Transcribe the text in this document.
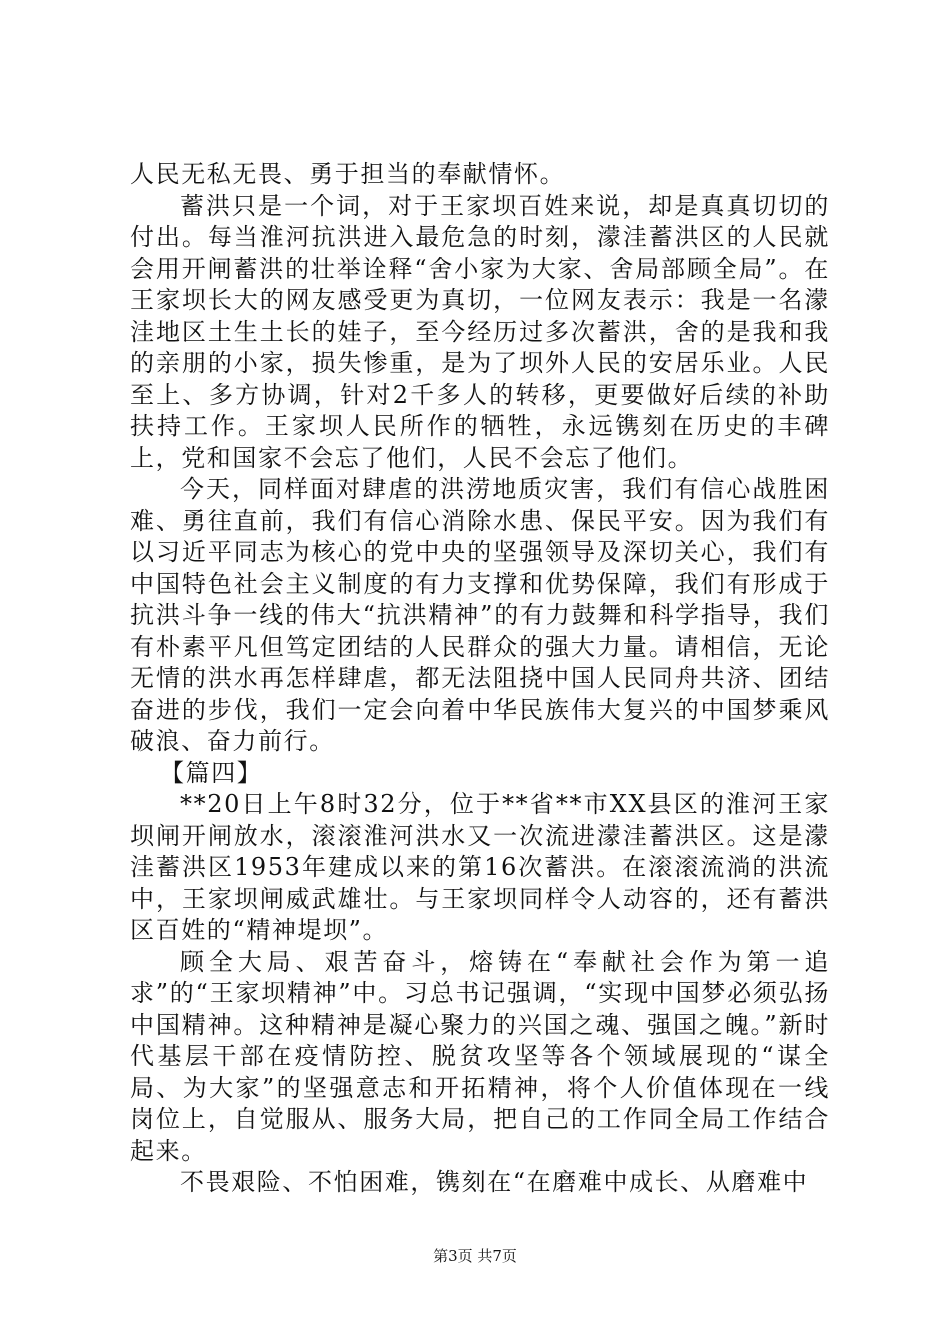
人民无私无畏、勇于担当的奉献情怀。

蓄洪只是一个词，对于王家坝百姓来说，却是真真切切的付出。每当淮河抗洪进入最危急的时刻，濛洼蓄洪区的人民就会用开闸蓄洪的壮举诠释“舍小家为大家、舍局部顾全局”。在王家坝长大的网友感受更为真切，一位网友表示：我是一名濛洼地区土生土长的娃子，至今经历过多次蓄洪，舍的是我和我的亲朋的小家，损失惨重，是为了坝外人民的安居乐业。人民至上、多方协调，针对2千多人的转移，更要做好后续的补助扶持工作。王家坝人民所作的牺牲，永远镌刻在历史的丰碑上，党和国家不会忘了他们，人民不会忘了他们。

今天，同样面对肆虐的洪涝地质灾害，我们有信心战胜困难、勇往直前，我们有信心消除水患、保民平安。因为我们有以习近平同志为核心的党中央的坚强领导及深切关心，我们有中国特色社会主义制度的有力支撑和优势保障，我们有形成于抗洪斗争一线的伟大“抗洪精神”的有力鼓舞和科学指导，我们有朴素平凡但笃定团结的人民群众的强大力量。请相信，无论无情的洪水再怎样肆虐，都无法阻挠中国人民同舟共济、团结奋进的步伐，我们一定会向着中华民族伟大复兴的中国梦乘风破浪、奋力前行。

【篇四】

**20日上午8时32分，位于**省**市XX县区的淮河王家坝闸开闸放水，滚滚淮河洪水又一次流进濛洼蓄洪区。这是濛洼蓄洪区1953年建成以来的第16次蓄洪。在滚滚流淌的洪流中，王家坝闸威武雄壮。与王家坝同样令人动容的，还有蓄洪区百姓的“精神堤坝”。

顾全大局、艰苦奋斗，熔铸在“奉献社会作为第一追求”的“王家坝精神”中。习总书记强调，“实现中国梦必须弘扬中国精神。这种精神是凝心聚力的兴国之魂、强国之魄。”新时代基层干部在疫情防控、脱贫攻坚等各个领域展现的“谋全局、为大家”的坚强意志和开拓精神，将个人价值体现在一线岗位上，自觉服从、服务大局，把自己的工作同全局工作结合起来。

不畏艰险、不怕困难，镌刻在“在磨难中成长、从磨难中

第3页 共7页
